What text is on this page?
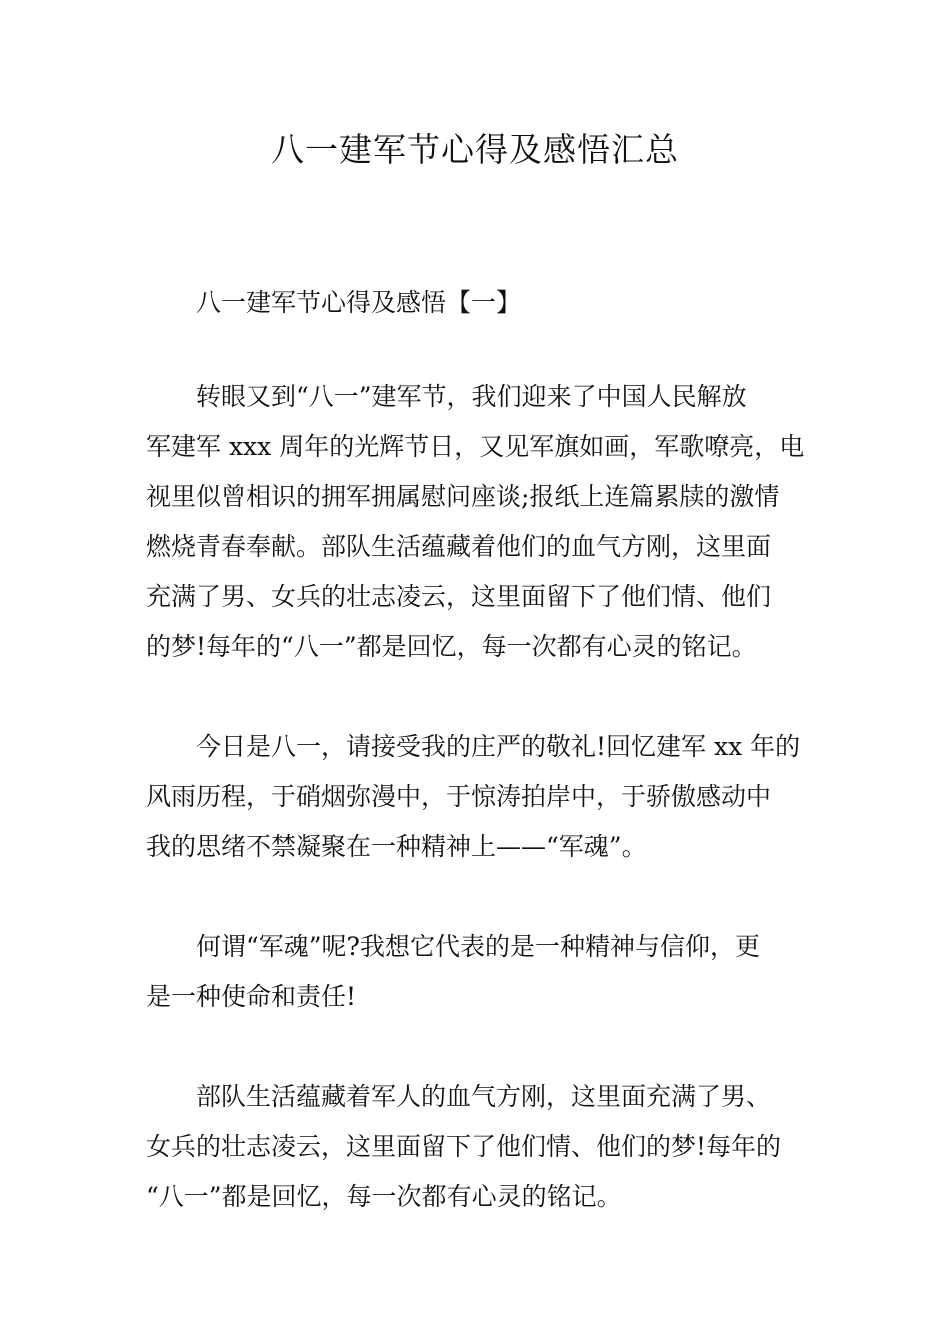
八一建军节心得及感悟汇总
八一建军节心得及感悟【一】

转眼又到“八一”建军节，我们迎来了中国人民解放
军建军 xxx 周年的光辉节日，又见军旗如画，军歌嘹亮，电
视里似曾相识的拥军拥属慰问座谈;报纸上连篇累牍的激情
燃烧青春奉献。部队生活蕴藏着他们的血气方刚，这里面
充满了男、女兵的壮志凌云，这里面留下了他们情、他们
的梦!每年的“八一”都是回忆，每一次都有心灵的铭记。

今日是八一，请接受我的庄严的敬礼!回忆建军 xx 年的
风雨历程，于硝烟弥漫中，于惊涛拍岸中，于骄傲感动中
我的思绪不禁凝聚在一种精神上——“军魂”。

何谓“军魂”呢?我想它代表的是一种精神与信仰，更
是一种使命和责任!

部队生活蕴藏着军人的血气方刚，这里面充满了男、
女兵的壮志凌云，这里面留下了他们情、他们的梦!每年的
“八一”都是回忆，每一次都有心灵的铭记。
